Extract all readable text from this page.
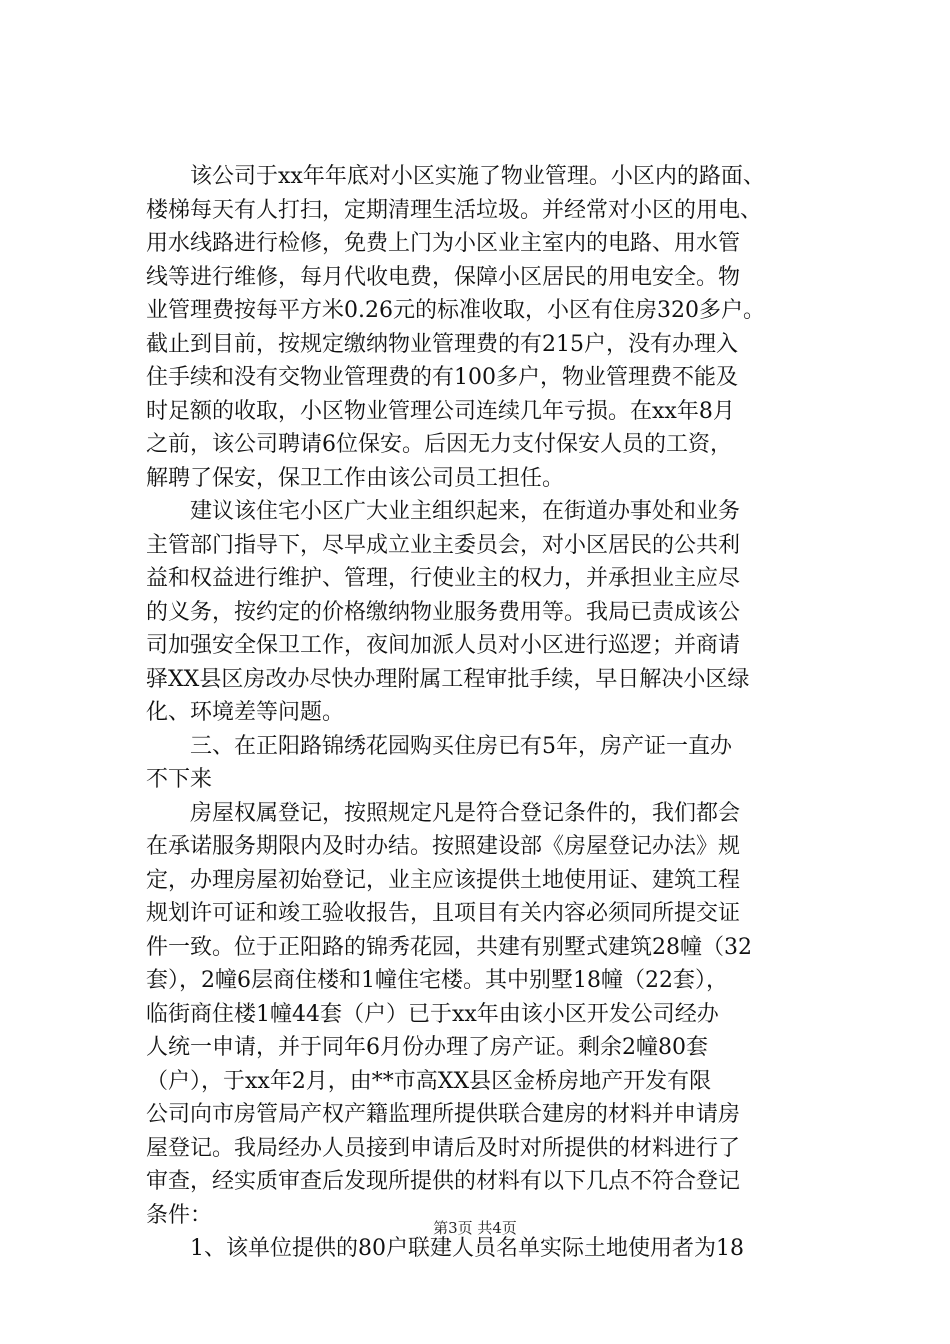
该公司于xx年年底对小区实施了物业管理。小区内的路面、
楼梯每天有人打扫，定期清理生活垃圾。并经常对小区的用电、
用水线路进行检修，免费上门为小区业主室内的电路、用水管
线等进行维修，每月代收电费，保障小区居民的用电安全。物
业管理费按每平方米0.26元的标准收取，小区有住房320多户。
截止到目前，按规定缴纳物业管理费的有215户，没有办理入
住手续和没有交物业管理费的有100多户，物业管理费不能及
时足额的收取，小区物业管理公司连续几年亏损。在xx年8月
之前，该公司聘请6位保安。后因无力支付保安人员的工资，
解聘了保安，保卫工作由该公司员工担任。
建议该住宅小区广大业主组织起来，在街道办事处和业务
主管部门指导下，尽早成立业主委员会，对小区居民的公共利
益和权益进行维护、管理，行使业主的权力，并承担业主应尽
的义务，按约定的价格缴纳物业服务费用等。我局已责成该公
司加强安全保卫工作，夜间加派人员对小区进行巡逻；并商请
驿XX县区房改办尽快办理附属工程审批手续，早日解决小区绿
化、环境差等问题。
三、在正阳路锦绣花园购买住房已有5年，房产证一直办
不下来
房屋权属登记，按照规定凡是符合登记条件的，我们都会
在承诺服务期限内及时办结。按照建设部《房屋登记办法》规
定，办理房屋初始登记，业主应该提供土地使用证、建筑工程
规划许可证和竣工验收报告，且项目有关内容必须同所提交证
件一致。位于正阳路的锦秀花园，共建有别墅式建筑28幢（32
套），2幢6层商住楼和1幢住宅楼。其中别墅18幢（22套），
临街商住楼1幢44套（户）已于xx年由该小区开发公司经办
人统一申请，并于同年6月份办理了房产证。剩余2幢80套
（户），于xx年2月，由**市高XX县区金桥房地产开发有限
公司向市房管局产权产籍监理所提供联合建房的材料并申请房
屋登记。我局经办人员接到申请后及时对所提供的材料进行了
审查，经实质审查后发现所提供的材料有以下几点不符合登记
条件：
1、该单位提供的80户联建人员名单实际土地使用者为18
第3页 共4页
